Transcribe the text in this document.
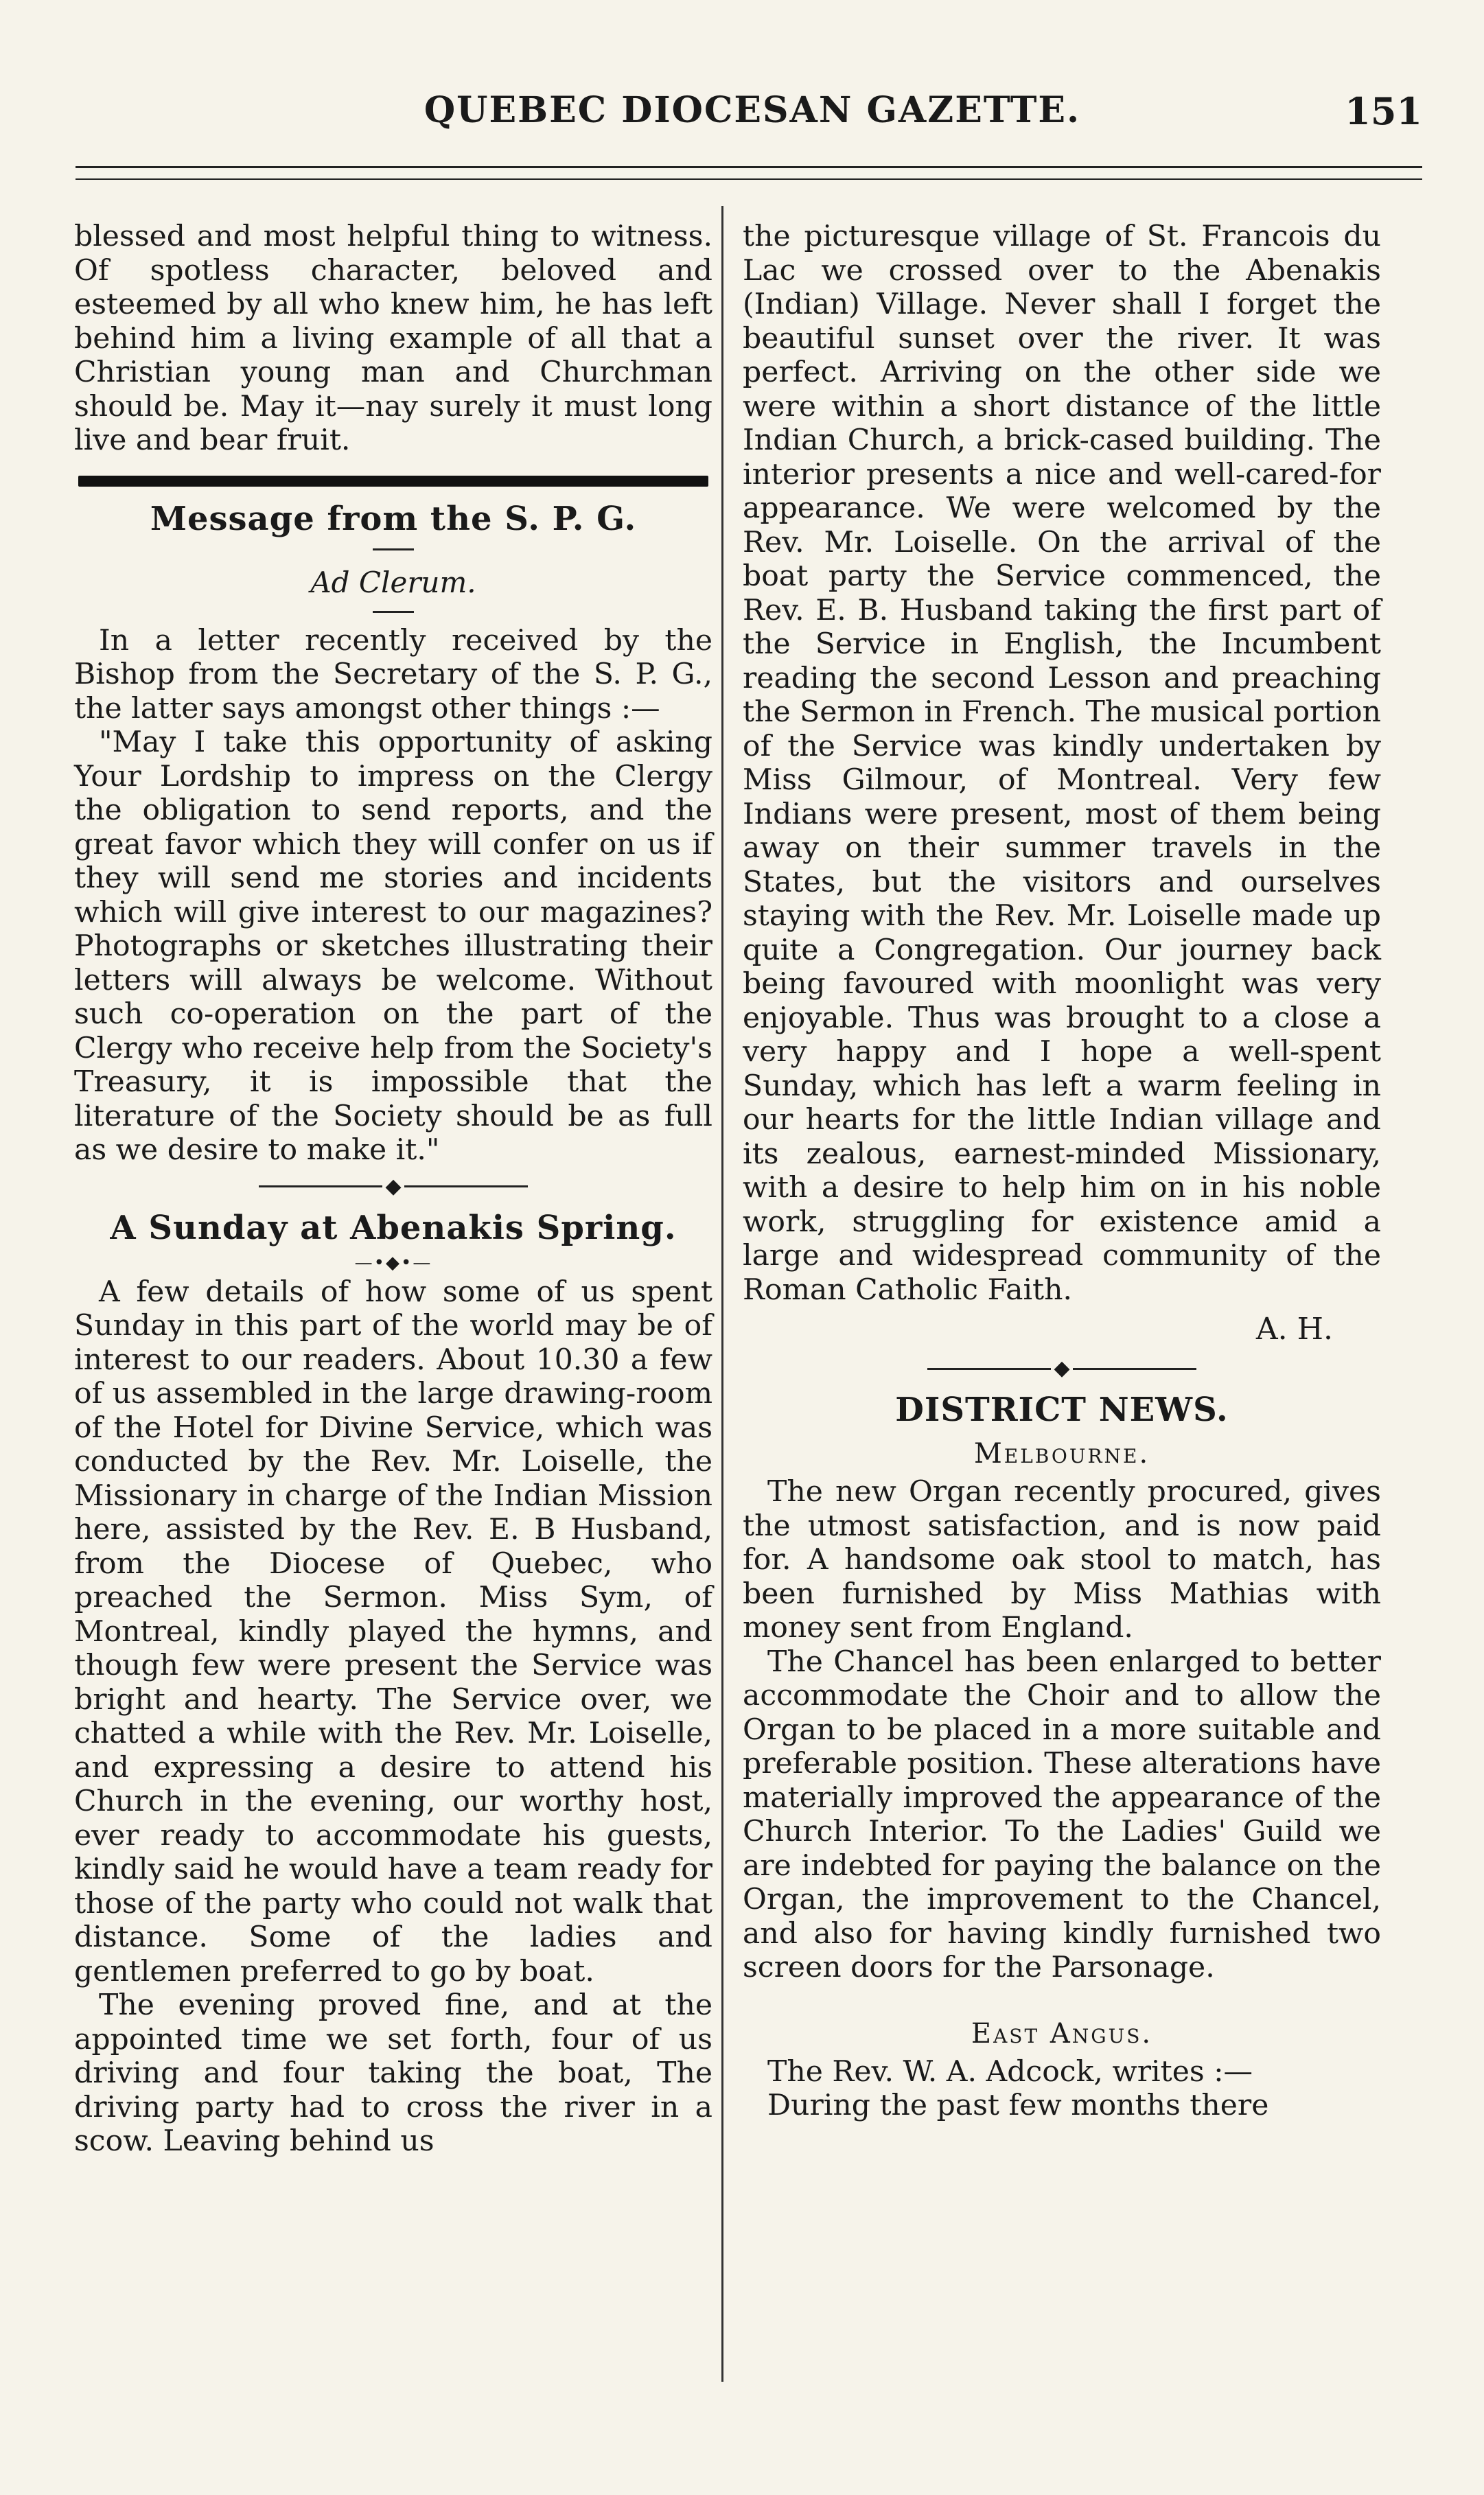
QUEBEC DIOCESAN GAZETTE.	151

blessed and most helpful thing to witness. Of spotless character, beloved and esteemed by all who knew him, he has left behind him a living example of all that a Christian young man and Churchman should be. May it—nay surely it must long live and bear fruit.

Message from the S. P. G.

Ad Clerum.

In a letter recently received by the Bishop from the Secretary of the S. P. G., the latter says amongst other things :—

"May I take this opportunity of asking Your Lordship to impress on the Clergy the obligation to send reports, and the great favor which they will confer on us if they will send me stories and incidents which will give interest to our magazines? Photographs or sketches illustrating their letters will always be welcome. Without such co-operation on the part of the Clergy who receive help from the Society's Treasury, it is impossible that the literature of the Society should be as full as we desire to make it."

◆
A Sunday at Abenakis Spring.
—•◆•—

A few details of how some of us spent Sunday in this part of the world may be of interest to our readers. About 10.30 a few of us assembled in the large drawing-room of the Hotel for Divine Service, which was conducted by the Rev. Mr. Loiselle, the Missionary in charge of the Indian Mission here, assisted by the Rev. E. B Husband, from the Diocese of Quebec, who preached the Sermon. Miss Sym, of Montreal, kindly played the hymns, and though few were present the Service was bright and hearty. The Service over, we chatted a while with the Rev. Mr. Loiselle, and expressing a desire to attend his Church in the evening, our worthy host, ever ready to accommodate his guests, kindly said he would have a team ready for those of the party who could not walk that distance. Some of the ladies and gentlemen preferred to go by boat.

The evening proved fine, and at the appointed time we set forth, four of us driving and four taking the boat, The driving party had to cross the river in a scow. Leaving behind us

the picturesque village of St. Francois du Lac we crossed over to the Abenakis (Indian) Village. Never shall I forget the beautiful sunset over the river. It was perfect. Arriving on the other side we were within a short distance of the little Indian Church, a brick-cased building. The interior presents a nice and well-cared-for appearance. We were welcomed by the Rev. Mr. Loiselle. On the arrival of the boat party the Service commenced, the Rev. E. B. Husband taking the first part of the Service in English, the Incumbent reading the second Lesson and preaching the Sermon in French. The musical portion of the Service was kindly undertaken by Miss Gilmour, of Montreal. Very few Indians were present, most of them being away on their summer travels in the States, but the visitors and ourselves staying with the Rev. Mr. Loiselle made up quite a Congregation. Our journey back being favoured with moonlight was very enjoyable. Thus was brought to a close a very happy and I hope a well-spent Sunday, which has left a warm feeling in our hearts for the little Indian village and its zealous, earnest-minded Missionary, with a desire to help him on in his noble work, struggling for existence amid a large and widespread community of the Roman Catholic Faith.

A. H.

◆
DISTRICT NEWS.

Melbourne.

The new Organ recently procured, gives the utmost satisfaction, and is now paid for. A handsome oak stool to match, has been furnished by Miss Mathias with money sent from England.

The Chancel has been enlarged to better accommodate the Choir and to allow the Organ to be placed in a more suitable and preferable position. These alterations have materially improved the appearance of the Church Interior. To the Ladies' Guild we are indebted for paying the balance on the Organ, the improvement to the Chancel, and also for having kindly furnished two screen doors for the Parsonage.

East Angus.

The Rev. W. A. Adcock, writes :—

During the past few months there
